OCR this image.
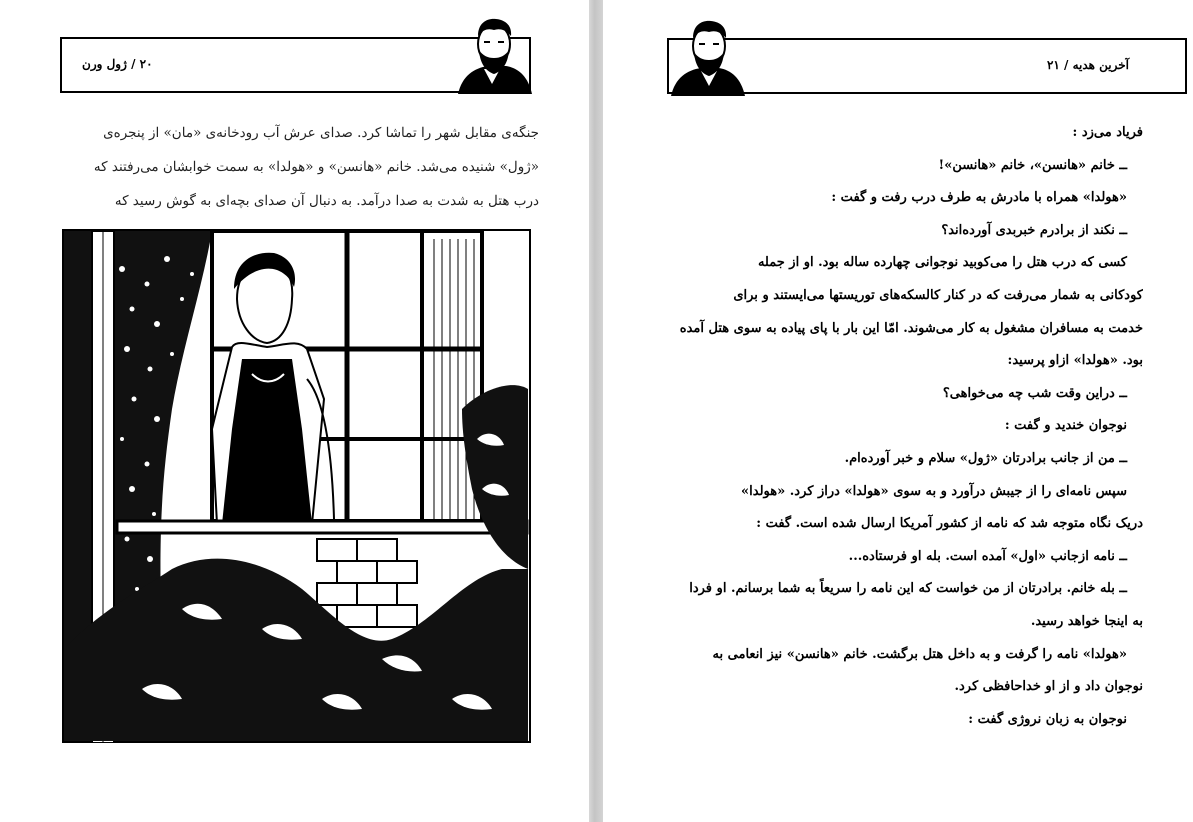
۲۰ / ژول ورن

جنگه‌ی مقابل شهر را تماشا کرد. صدای عرش آب رودخانه‌ی «مان» از پنجره‌ی

«ژول» شنیده می‌شد. خانم «هانسن» و «هولدا» به سمت خوابشان می‌رفتند که

درب هتل به شدت به صدا درآمد. به دنبال آن صدای بچه‌ای به گوش رسید که

آخرین هدیه / ۲۱

فریاد می‌زد :

ــ خانم «هانسن»، خانم «هانسن»!

«هولدا» همراه با مادرش به طرف درب رفت و گفت :

ــ نکند از برادرم خبربدی آورده‌اند؟

کسی که درب هتل را می‌کوبید نوجوانی چهارده ساله بود. او از جمله

کودکانی به شمار می‌رفت که در کنار کالسکه‌های توریستها می‌ایستند و برای

خدمت به مسافران مشغول به کار می‌شوند. امّا این بار با پای پیاده به سوی هتل آمده

بود. «هولدا» ازاو پرسید:

ــ دراین وقت شب چه می‌خواهی؟

نوجوان خندید و گفت :

ــ من از جانب برادرتان «ژول» سلام و خبر آورده‌ام.

سپس نامه‌ای را از جیبش درآورد و به سوی «هولدا» دراز کرد. «هولدا»

دریک نگاه متوجه شد که نامه از کشور آمریکا ارسال شده است. گفت :

ــ نامه ازجانب «اول» آمده است. بله او فرستاده...

ــ بله خانم. برادرتان از من خواست که این نامه را سریعاً به شما برسانم. او فردا

به اینجا خواهد رسید.

«هولدا» نامه را گرفت و به داخل هتل برگشت. خانم «هانسن» نیز انعامی به

نوجوان داد و از او خداحافظی کرد.

نوجوان به زبان نروژی گفت :
